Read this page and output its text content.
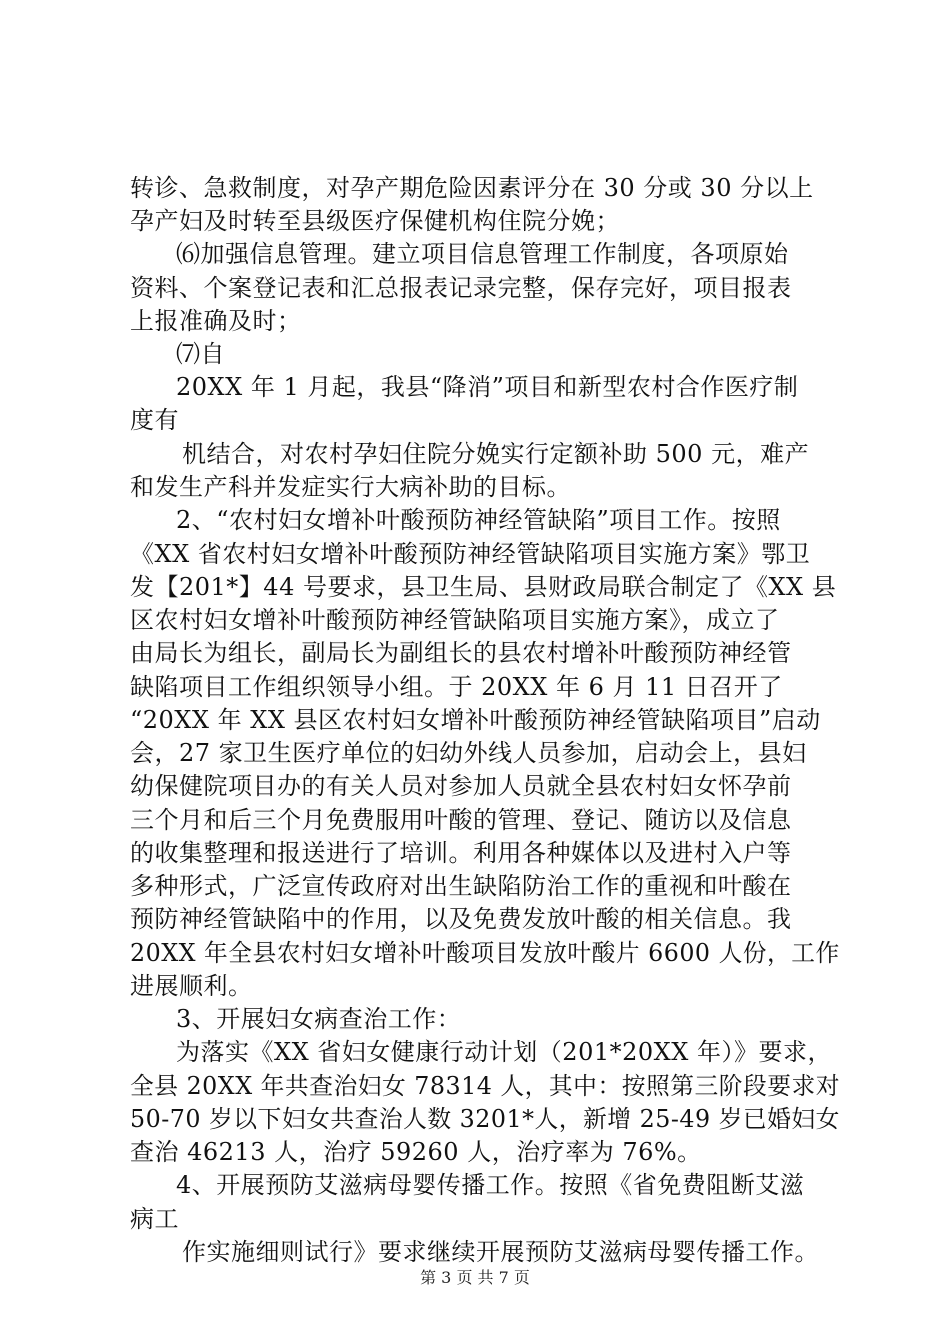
转诊、急救制度，对孕产期危险因素评分在 30 分或 30 分以上
孕产妇及时转至县级医疗保健机构住院分娩；
⑹加强信息管理。建立项目信息管理工作制度，各项原始
资料、个案登记表和汇总报表记录完整，保存完好，项目报表
上报准确及时；
⑺自
20XX 年 1 月起，我县“降消”项目和新型农村合作医疗制
度有
机结合，对农村孕妇住院分娩实行定额补助 500 元，难产
和发生产科并发症实行大病补助的目标。
2、“农村妇女增补叶酸预防神经管缺陷”项目工作。按照
《XX 省农村妇女增补叶酸预防神经管缺陷项目实施方案》鄂卫
发【201*】44 号要求，县卫生局、县财政局联合制定了《XX 县
区农村妇女增补叶酸预防神经管缺陷项目实施方案》，成立了
由局长为组长，副局长为副组长的县农村增补叶酸预防神经管
缺陷项目工作组织领导小组。于 20XX 年 6 月 11 日召开了
“20XX 年 XX 县区农村妇女增补叶酸预防神经管缺陷项目”启动
会，27 家卫生医疗单位的妇幼外线人员参加，启动会上，县妇
幼保健院项目办的有关人员对参加人员就全县农村妇女怀孕前
三个月和后三个月免费服用叶酸的管理、登记、随访以及信息
的收集整理和报送进行了培训。利用各种媒体以及进村入户等
多种形式，广泛宣传政府对出生缺陷防治工作的重视和叶酸在
预防神经管缺陷中的作用，以及免费发放叶酸的相关信息。我
20XX 年全县农村妇女增补叶酸项目发放叶酸片 6600 人份，工作
进展顺利。
3、开展妇女病查治工作：
为落实《XX 省妇女健康行动计划（201*20XX 年）》要求，
全县 20XX 年共查治妇女 78314 人，其中：按照第三阶段要求对
50-70 岁以下妇女共查治人数 3201*人，新增 25-49 岁已婚妇女
查治 46213 人，治疗 59260 人，治疗率为 76%。
4、开展预防艾滋病母婴传播工作。按照《省免费阻断艾滋
病工
作实施细则试行》要求继续开展预防艾滋病母婴传播工作。
第 3 页 共 7 页
